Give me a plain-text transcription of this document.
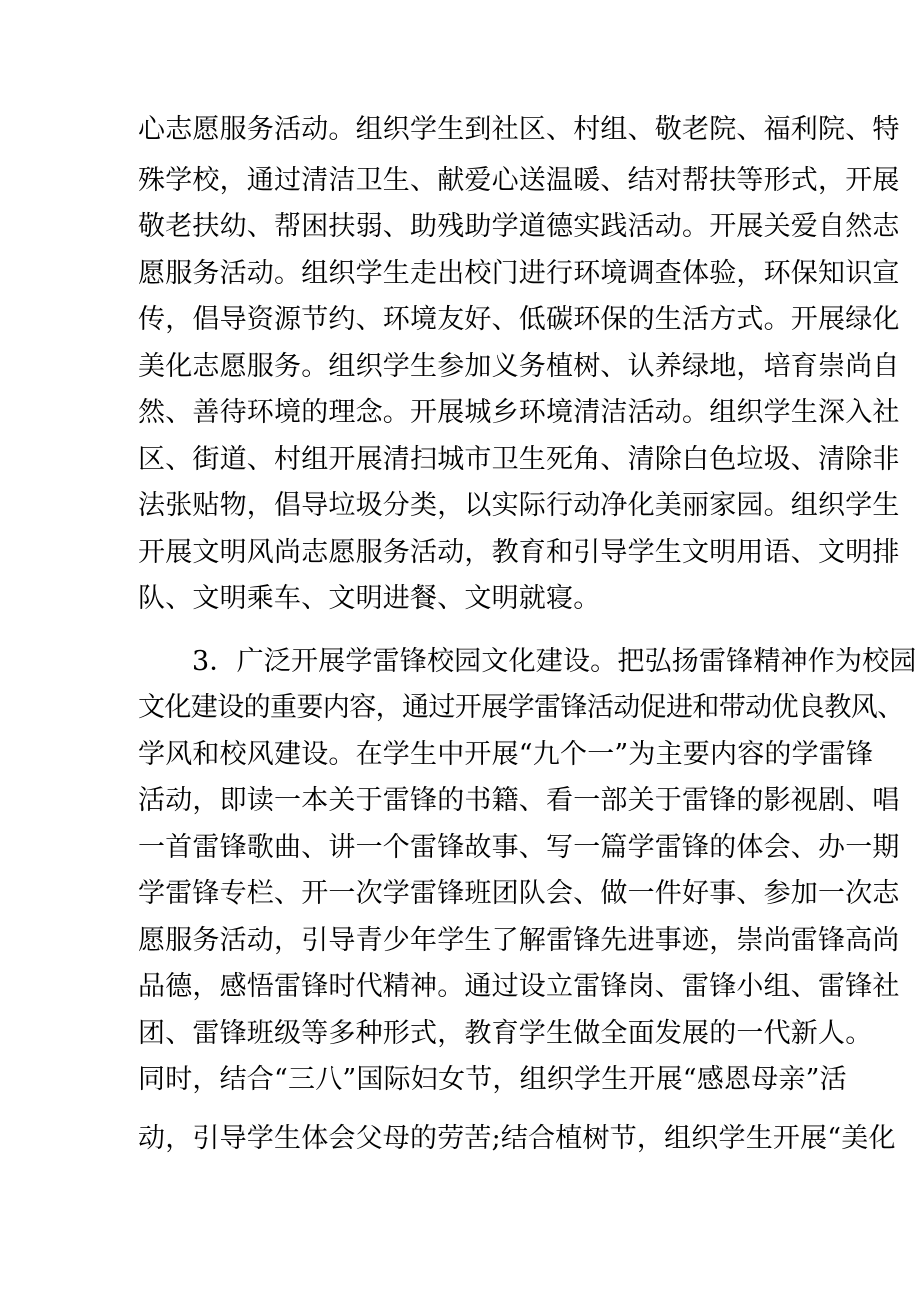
心志愿服务活动。组织学生到社区、村组、敬老院、福利院、特
殊学校，通过清洁卫生、献爱心送温暖、结对帮扶等形式，开展
敬老扶幼、帮困扶弱、助残助学道德实践活动。开展关爱自然志
愿服务活动。组织学生走出校门进行环境调查体验，环保知识宣
传，倡导资源节约、环境友好、低碳环保的生活方式。开展绿化
美化志愿服务。组织学生参加义务植树、认养绿地，培育崇尚自
然、善待环境的理念。开展城乡环境清洁活动。组织学生深入社
区、街道、村组开展清扫城市卫生死角、清除白色垃圾、清除非
法张贴物，倡导垃圾分类，以实际行动净化美丽家园。组织学生
开展文明风尚志愿服务活动，教育和引导学生文明用语、文明排
队、文明乘车、文明进餐、文明就寝。
3．广泛开展学雷锋校园文化建设。把弘扬雷锋精神作为校园
文化建设的重要内容，通过开展学雷锋活动促进和带动优良教风、
学风和校风建设。在学生中开展“九个一”为主要内容的学雷锋
活动，即读一本关于雷锋的书籍、看一部关于雷锋的影视剧、唱
一首雷锋歌曲、讲一个雷锋故事、写一篇学雷锋的体会、办一期
学雷锋专栏、开一次学雷锋班团队会、做一件好事、参加一次志
愿服务活动，引导青少年学生了解雷锋先进事迹，崇尚雷锋高尚
品德，感悟雷锋时代精神。通过设立雷锋岗、雷锋小组、雷锋社
团、雷锋班级等多种形式，教育学生做全面发展的一代新人。
同时，结合“三八”国际妇女节，组织学生开展“感恩母亲”活
动，引导学生体会父母的劳苦;结合植树节，组织学生开展“美化
